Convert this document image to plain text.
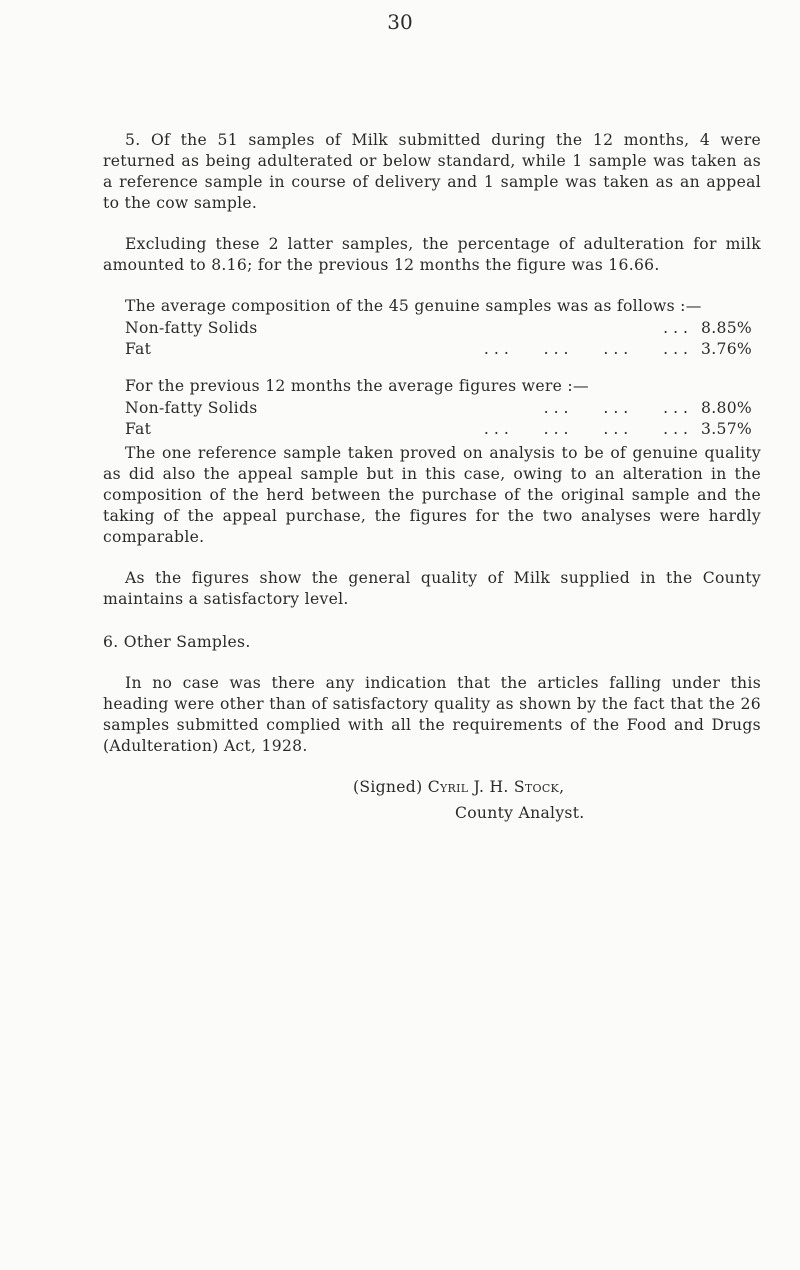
30

5. Of the 51 samples of Milk submitted during the 12 months, 4 were returned as being adulterated or below standard, while 1 sample was taken as a reference sample in course of delivery and 1 sample was taken as an appeal to the cow sample.

Excluding these 2 latter samples, the percentage of adulteration for milk amounted to 8.16; for the previous 12 months the figure was 16.66.

The average composition of the 45 genuine samples was as follows :—

Non-fatty Solids	... 8.85%
Fat	...   ...   ...   ... 3.76%

For the previous 12 months the average figures were :—

Non-fatty Solids	...   ...   ... 8.80%
Fat	...   ...   ...   ... 3.57%

The one reference sample taken proved on analysis to be of genuine quality as did also the appeal sample but in this case, owing to an alteration in the composition of the herd between the purchase of the original sample and the taking of the appeal purchase, the figures for the two analyses were hardly comparable.

As the figures show the general quality of Milk supplied in the County maintains a satisfactory level.

6. Other Samples.

In no case was there any indication that the articles falling under this heading were other than of satisfactory quality as shown by the fact that the 26 samples submitted complied with all the requirements of the Food and Drugs (Adulteration) Act, 1928.

(Signed) Cyril J. H. Stock,
County Analyst.
